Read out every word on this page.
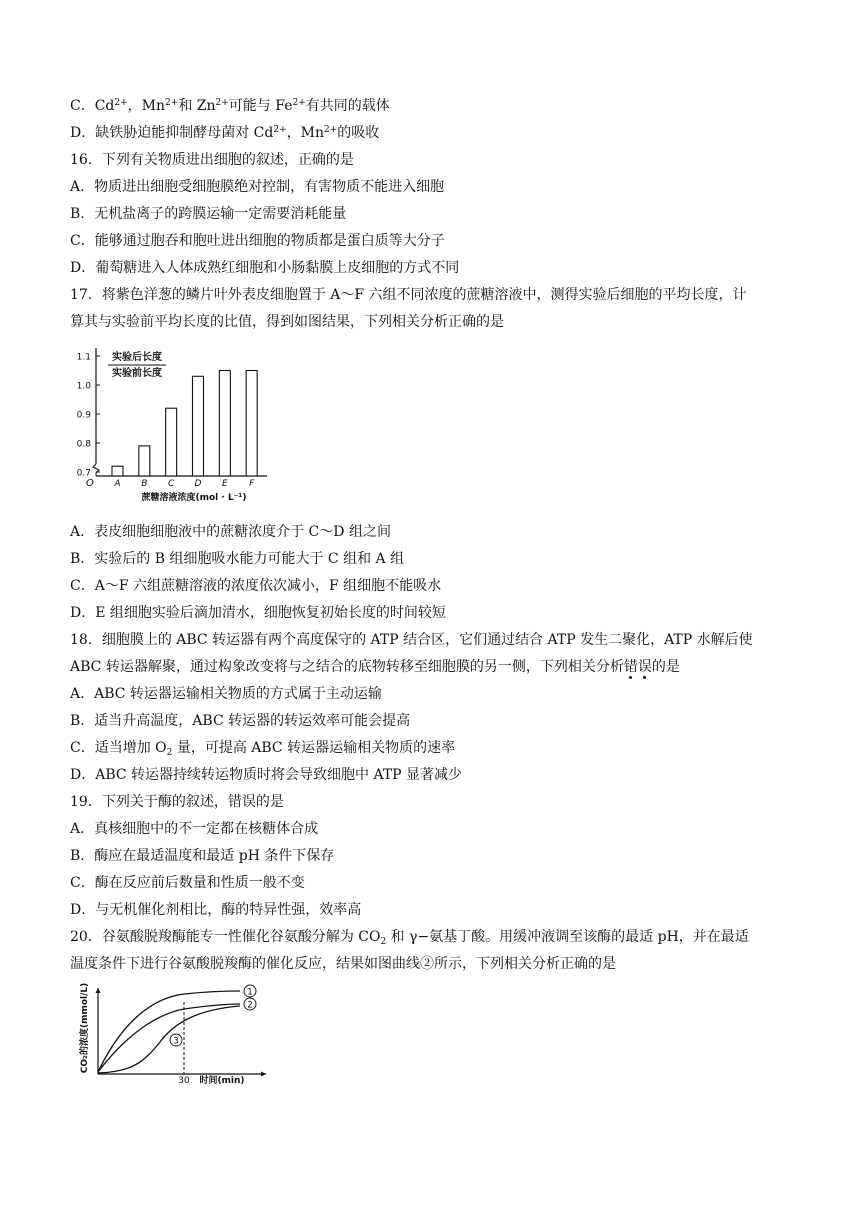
C．$Cd^{2+}$，$Mn^{2+}$和 $Zn^{2+}$可能与 $Fe^{2+}$有共同的载体
D．缺铁胁迫能抑制酵母菌对 $Cd^{2+}$，$Mn^{2+}$的吸收
16．下列有关物质进出细胞的叙述，正确的是
A．物质进出细胞受细胞膜绝对控制，有害物质不能进入细胞
B．无机盐离子的跨膜运输一定需要消耗能量
C．能够通过胞吞和胞吐进出细胞的物质都是蛋白质等大分子
D．葡萄糖进入人体成熟红细胞和小肠黏膜上皮细胞的方式不同
17．将紫色洋葱的鳞片叶外表皮细胞置于 A～F 六组不同浓度的蔗糖溶液中，测得实验后细胞的平均长度，计
算其与实验前平均长度的比值，得到如图结果，下列相关分析正确的是
实验后长度
实验前长度
1.1
1.0
0.9
0.8
0.7
A B C D E F
O
蔗糖溶液浓度(mol · L⁻¹)
A．表皮细胞细胞液中的蔗糖浓度介于 C～D 组之间
B．实验后的 B 组细胞吸水能力可能大于 C 组和 A 组
C．A～F 六组蔗糖溶液的浓度依次减小，F 组细胞不能吸水
D．E 组细胞实验后滴加清水，细胞恢复初始长度的时间较短
18．细胞膜上的 ABC 转运器有两个高度保守的 ATP 结合区，它们通过结合 ATP 发生二聚化，ATP 水解后使
ABC 转运器解聚，通过构象改变将与之结合的底物转移至细胞膜的另一侧，下列相关分析错误的是
A．ABC 转运器运输相关物质的方式属于主动运输
B．适当升高温度，ABC 转运器的转运效率可能会提高
C．适当增加 $O_2$ 量，可提高 ABC 转运器运输相关物质的速率
D．ABC 转运器持续转运物质时将会导致细胞中 ATP 显著减少
19．下列关于酶的叙述，错误的是
A．真核细胞中的不一定都在核糖体合成
B．酶应在最适温度和最适 pH 条件下保存
C．酶在反应前后数量和性质一般不变
D．与无机催化剂相比，酶的特异性强，效率高
20．谷氨酸脱羧酶能专一性催化谷氨酸分解为 $CO_2$ 和 γ−氨基丁酸。用缓冲液调至该酶的最适 pH，并在最适
温度条件下进行谷氨酸脱羧酶的催化反应，结果如图曲线②所示，下列相关分析正确的是
CO₂的浓度(mmol/L)	1
2
3
30 时间(min)
